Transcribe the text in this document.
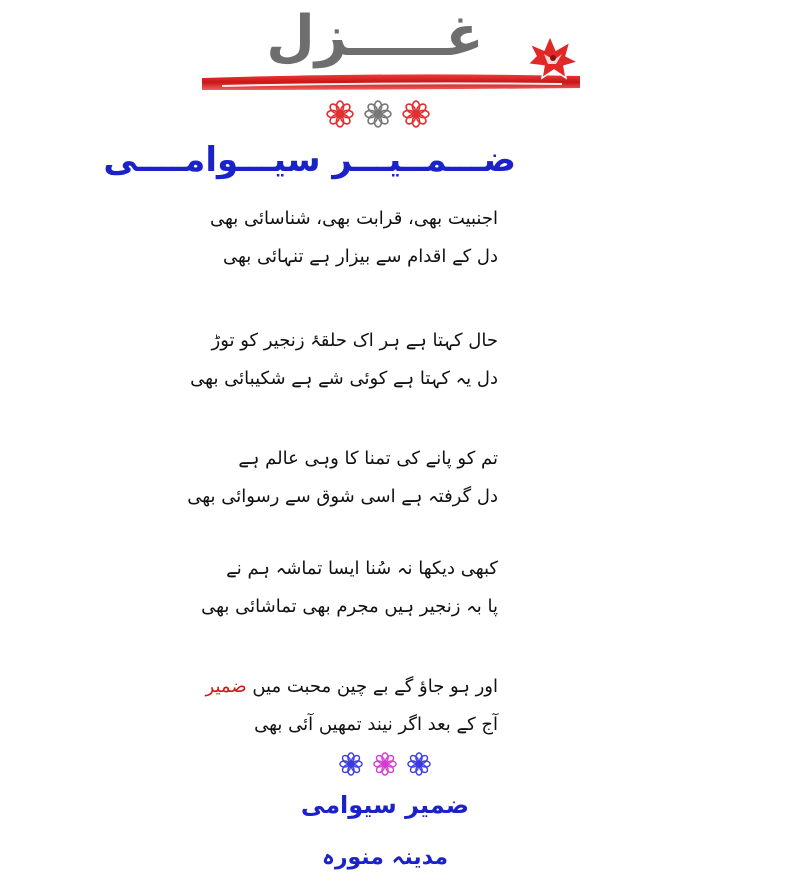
غـــــزل
ضـــمــیـــر سیـــوامــــی
اجنبیت بھی، قرابت بھی، شناسائی بھی
دل کے اقدام سے بیزار ہے تنہائی بھی
حال کہتا ہے ہر اک حلقۂ زنجیر کو توڑ
دل یہ کہتا ہے کوئی شے ہے شکیبائی بھی
تم کو پانے کی تمنا کا وہی عالم ہے
دل گرفتہ ہے اسی شوق سے رسوائی بھی
کبھی دیکھا نہ سُنا ایسا تماشہ ہم نے
پا بہ زنجیر ہیں مجرم بھی تماشائی بھی
اور ہو جاؤ گے بے چین محبت میں ضمیر
آج کے بعد اگر نیند تمھیں آئی بھی
ضمیر سیوامی
مدینہ منورہ
